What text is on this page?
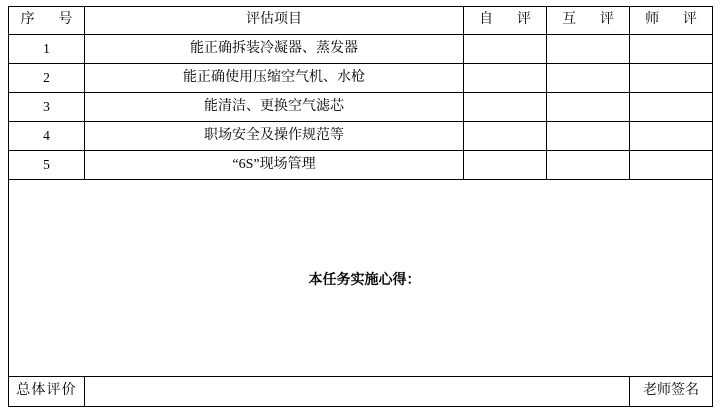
序　号	评估项目	自　评	互　评	师　评
1	能正确拆装冷凝器、蒸发器			
2	能正确使用压缩空气机、水枪			
3	能清洁、更换空气滤芯			
4	职场安全及操作规范等			
5	“6S”现场管理			

本任务实施心得：				

总体评价				老师签名
